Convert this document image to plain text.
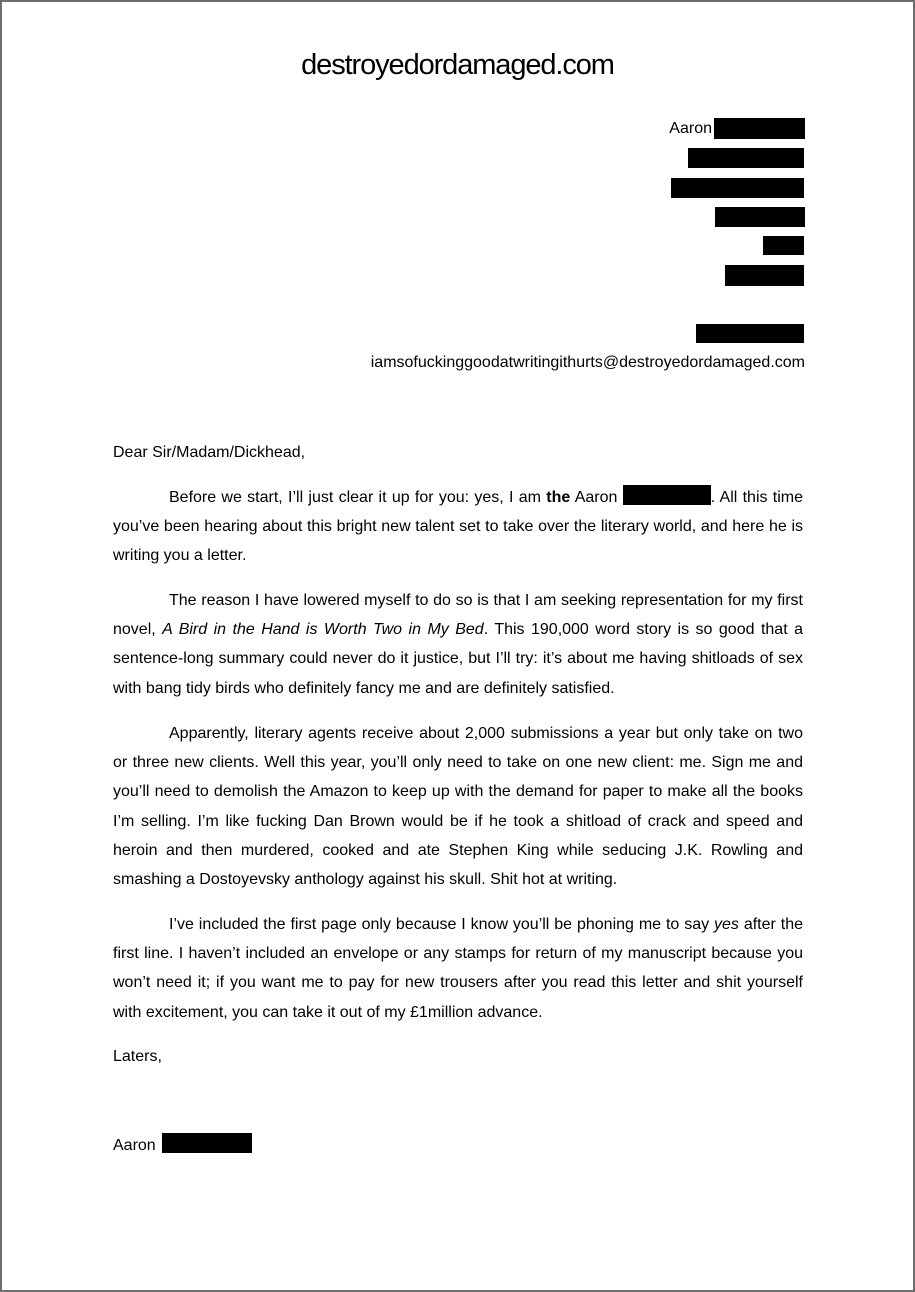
destroyedordamaged.com
Aaron
iamsofuckinggoodatwritingithurts@destroyedordamaged.com
Dear Sir/Madam/Dickhead,

Before we start, I’ll just clear it up for you: yes, I am the Aaron	. All this time you’ve been hearing about this bright new talent set to take over the literary world, and here he is writing you a letter.

The reason I have lowered myself to do so is that I am seeking representation for my first novel, A Bird in the Hand is Worth Two in My Bed. This 190,000 word story is so good that a sentence-long summary could never do it justice, but I’ll try: it’s about me having shitloads of sex with bang tidy birds who definitely fancy me and are definitely satisfied.

Apparently, literary agents receive about 2,000 submissions a year but only take on two or three new clients. Well this year, you’ll only need to take on one new client: me. Sign me and you’ll need to demolish the Amazon to keep up with the demand for paper to make all the books I’m selling. I’m like fucking Dan Brown would be if he took a shitload of crack and speed and heroin and then murdered, cooked and ate Stephen King while seducing J.K. Rowling and smashing a Dostoyevsky anthology against his skull. Shit hot at writing.

I’ve included the first page only because I know you’ll be phoning me to say yes after the first line. I haven’t included an envelope or any stamps for return of my manuscript because you won’t need it; if you want me to pay for new trousers after you read this letter and shit yourself with excitement, you can take it out of my £1million advance.

Laters,
Aaron
